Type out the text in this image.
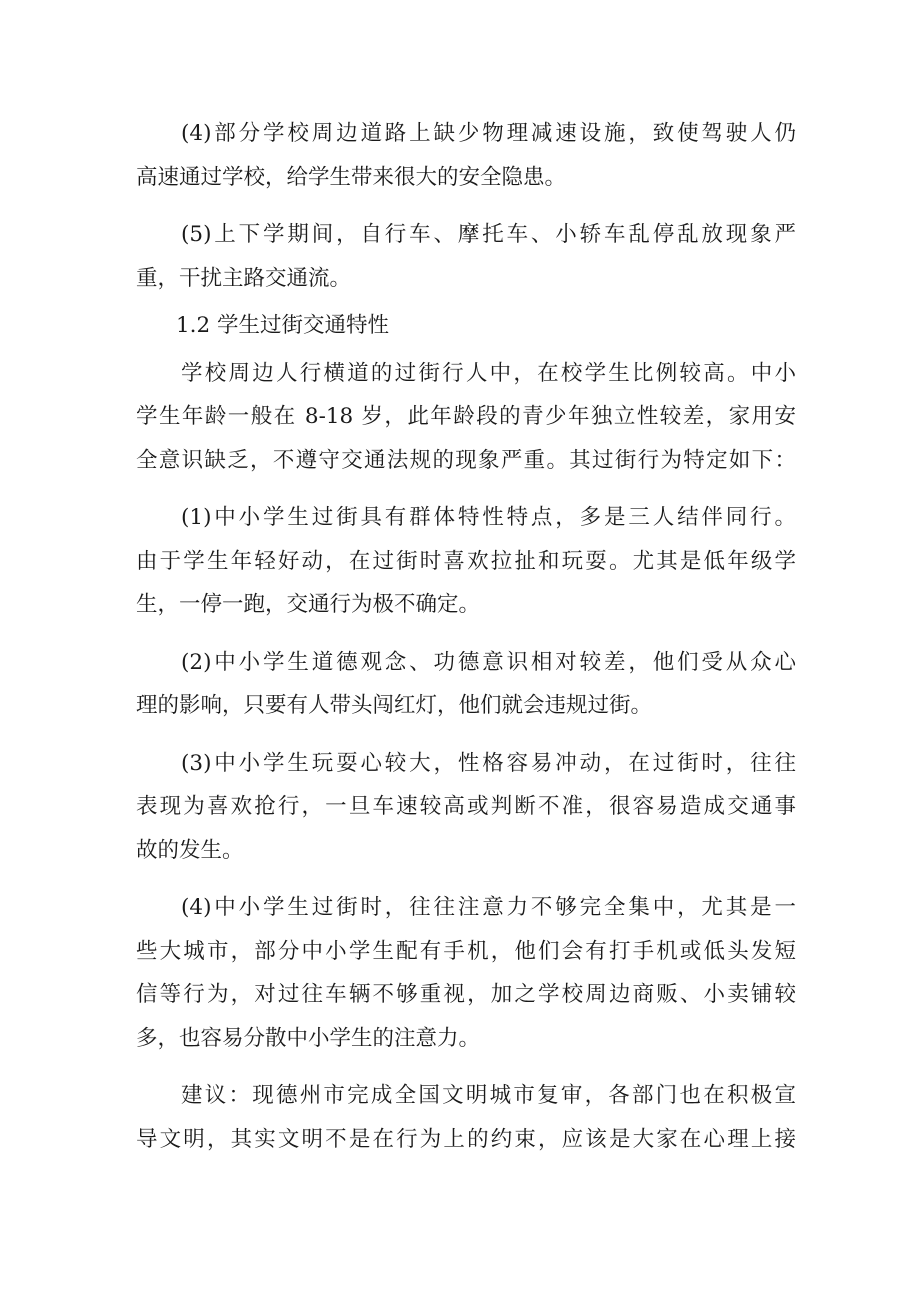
(4)部分学校周边道路上缺少物理减速设施，致使驾驶人仍
高速通过学校，给学生带来很大的安全隐患。
(5)上下学期间，自行车、摩托车、小轿车乱停乱放现象严
重，干扰主路交通流。
1.2 学生过街交通特性
学校周边人行横道的过街行人中，在校学生比例较高。中小
学生年龄一般在 8-18 岁，此年龄段的青少年独立性较差，家用安
全意识缺乏，不遵守交通法规的现象严重。其过街行为特定如下：
(1)中小学生过街具有群体特性特点，多是三人结伴同行。
由于学生年轻好动，在过街时喜欢拉扯和玩耍。尤其是低年级学
生，一停一跑，交通行为极不确定。
(2)中小学生道德观念、功德意识相对较差，他们受从众心
理的影响，只要有人带头闯红灯，他们就会违规过街。
(3)中小学生玩耍心较大，性格容易冲动，在过街时，往往
表现为喜欢抢行，一旦车速较高或判断不准，很容易造成交通事
故的发生。
(4)中小学生过街时，往往注意力不够完全集中，尤其是一
些大城市，部分中小学生配有手机，他们会有打手机或低头发短
信等行为，对过往车辆不够重视，加之学校周边商贩、小卖铺较
多，也容易分散中小学生的注意力。
建议：现德州市完成全国文明城市复审，各部门也在积极宣
导文明，其实文明不是在行为上的约束，应该是大家在心理上接
